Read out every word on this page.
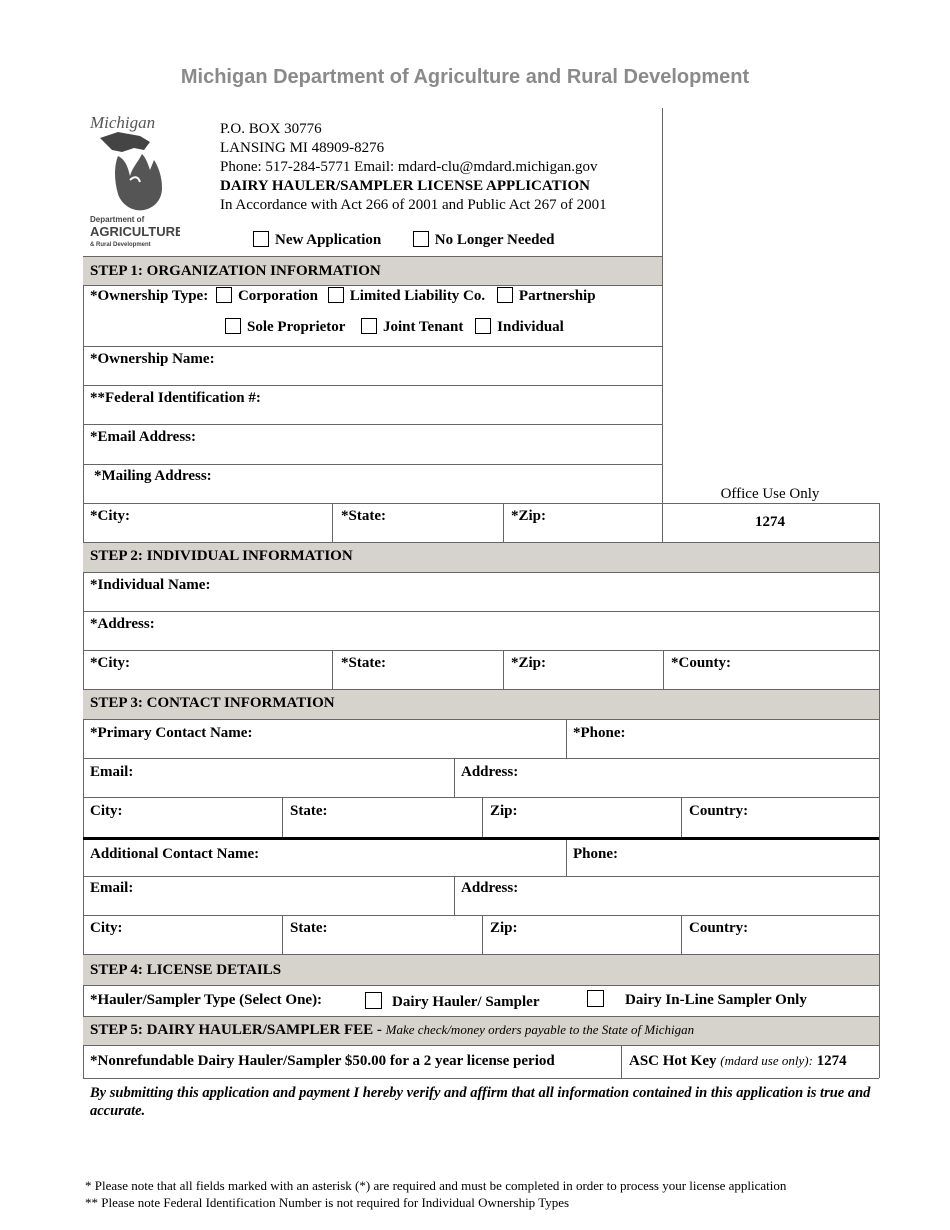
Michigan Department of Agriculture and Rural Development
Michigan
Department of
AGRICULTURE
& Rural Development
P.O. BOX 30776
LANSING MI 48909-8276
Phone: 517-284-5771 Email: mdard-clu@mdard.michigan.gov
DAIRY HAULER/SAMPLER LICENSE APPLICATION
In Accordance with Act 266 of 2001 and Public Act 267 of 2001
New Application	No Longer Needed
STEP 1: ORGANIZATION INFORMATION
*Ownership Type: Corporation Limited Liability Co. Partnership
Sole Proprietor	Joint Tenant Individual
*Ownership Name:
**Federal Identification #:
*Email Address:
*Mailing Address:
*City:	*State:	*Zip:
Office Use Only
1274
STEP 2: INDIVIDUAL INFORMATION
*Individual Name:
*Address:
*City:	*State:	*Zip:	*County:
STEP 3: CONTACT INFORMATION
*Primary Contact Name:	*Phone:
Email:	Address:
City:	State:	Zip:	Country:
Additional Contact Name:	Phone:
Email:	Address:
City:	State:	Zip:	Country:
STEP 4: LICENSE DETAILS
*Hauler/Sampler Type (Select One):	Dairy Hauler/ Sampler	Dairy In-Line Sampler Only
STEP 5: DAIRY HAULER/SAMPLER FEE - Make check/money orders payable to the State of Michigan
*Nonrefundable Dairy Hauler/Sampler $50.00 for a 2 year license period	ASC Hot Key (mdard use only): 1274
By submitting this application and payment I hereby verify and affirm that all information contained in this application is true and accurate.
* Please note that all fields marked with an asterisk (*) are required and must be completed in order to process your license application
** Please note Federal Identification Number is not required for Individual Ownership Types
